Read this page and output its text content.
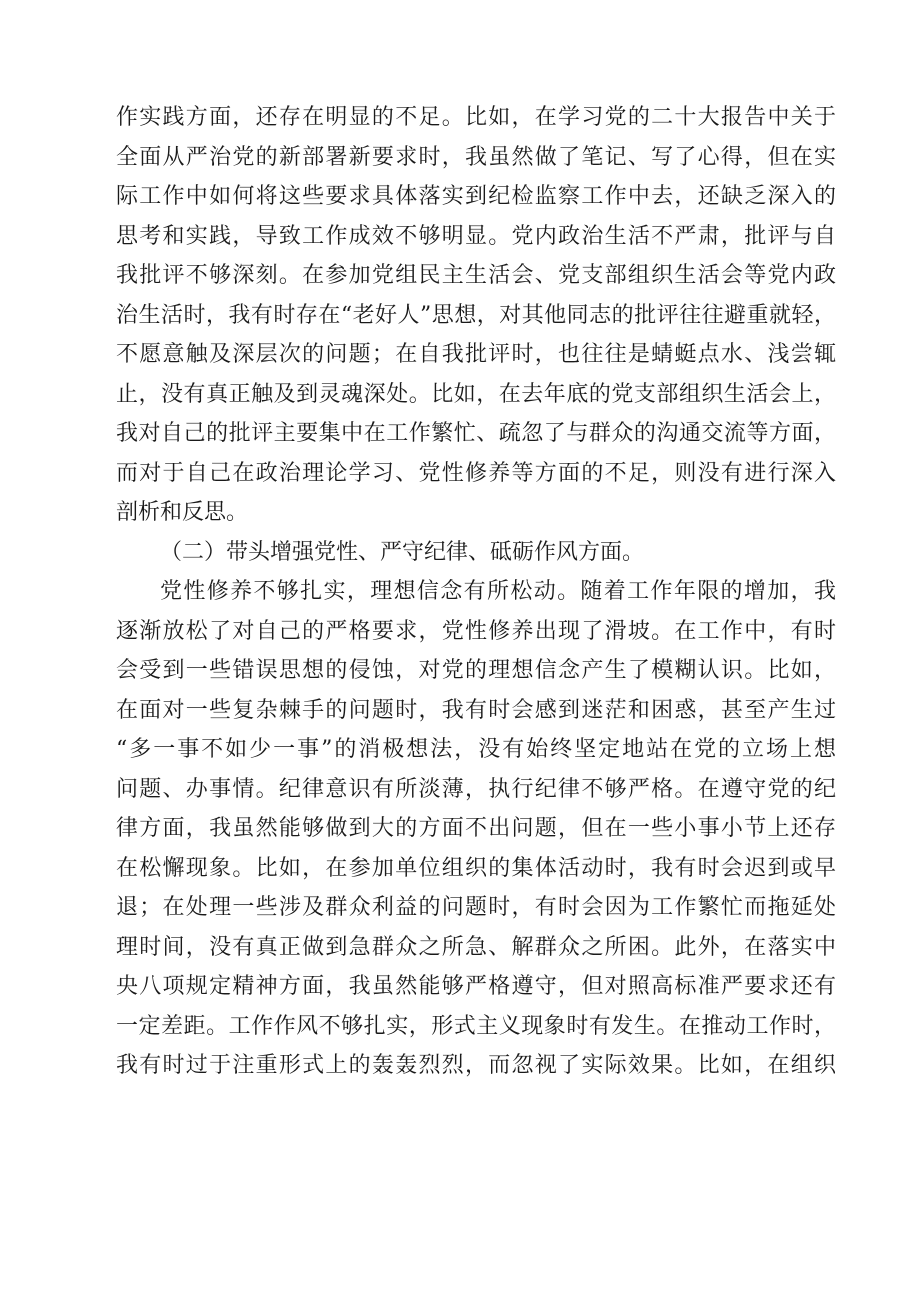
作实践方面，还存在明显的不足。比如，在学习党的二十大报告中关于
全面从严治党的新部署新要求时，我虽然做了笔记、写了心得，但在实
际工作中如何将这些要求具体落实到纪检监察工作中去，还缺乏深入的
思考和实践，导致工作成效不够明显。党内政治生活不严肃，批评与自
我批评不够深刻。在参加党组民主生活会、党支部组织生活会等党内政
治生活时，我有时存在“老好人”思想，对其他同志的批评往往避重就轻，
不愿意触及深层次的问题；在自我批评时，也往往是蜻蜓点水、浅尝辄
止，没有真正触及到灵魂深处。比如，在去年底的党支部组织生活会上，
我对自己的批评主要集中在工作繁忙、疏忽了与群众的沟通交流等方面，
而对于自己在政治理论学习、党性修养等方面的不足，则没有进行深入
剖析和反思。
（二）带头增强党性、严守纪律、砥砺作风方面。
党性修养不够扎实，理想信念有所松动。随着工作年限的增加，我
逐渐放松了对自己的严格要求，党性修养出现了滑坡。在工作中，有时
会受到一些错误思想的侵蚀，对党的理想信念产生了模糊认识。比如，
在面对一些复杂棘手的问题时，我有时会感到迷茫和困惑，甚至产生过
“多一事不如少一事”的消极想法，没有始终坚定地站在党的立场上想
问题、办事情。纪律意识有所淡薄，执行纪律不够严格。在遵守党的纪
律方面，我虽然能够做到大的方面不出问题，但在一些小事小节上还存
在松懈现象。比如，在参加单位组织的集体活动时，我有时会迟到或早
退；在处理一些涉及群众利益的问题时，有时会因为工作繁忙而拖延处
理时间，没有真正做到急群众之所急、解群众之所困。此外，在落实中
央八项规定精神方面，我虽然能够严格遵守，但对照高标准严要求还有
一定差距。工作作风不够扎实，形式主义现象时有发生。在推动工作时，
我有时过于注重形式上的轰轰烈烈，而忽视了实际效果。比如，在组织
